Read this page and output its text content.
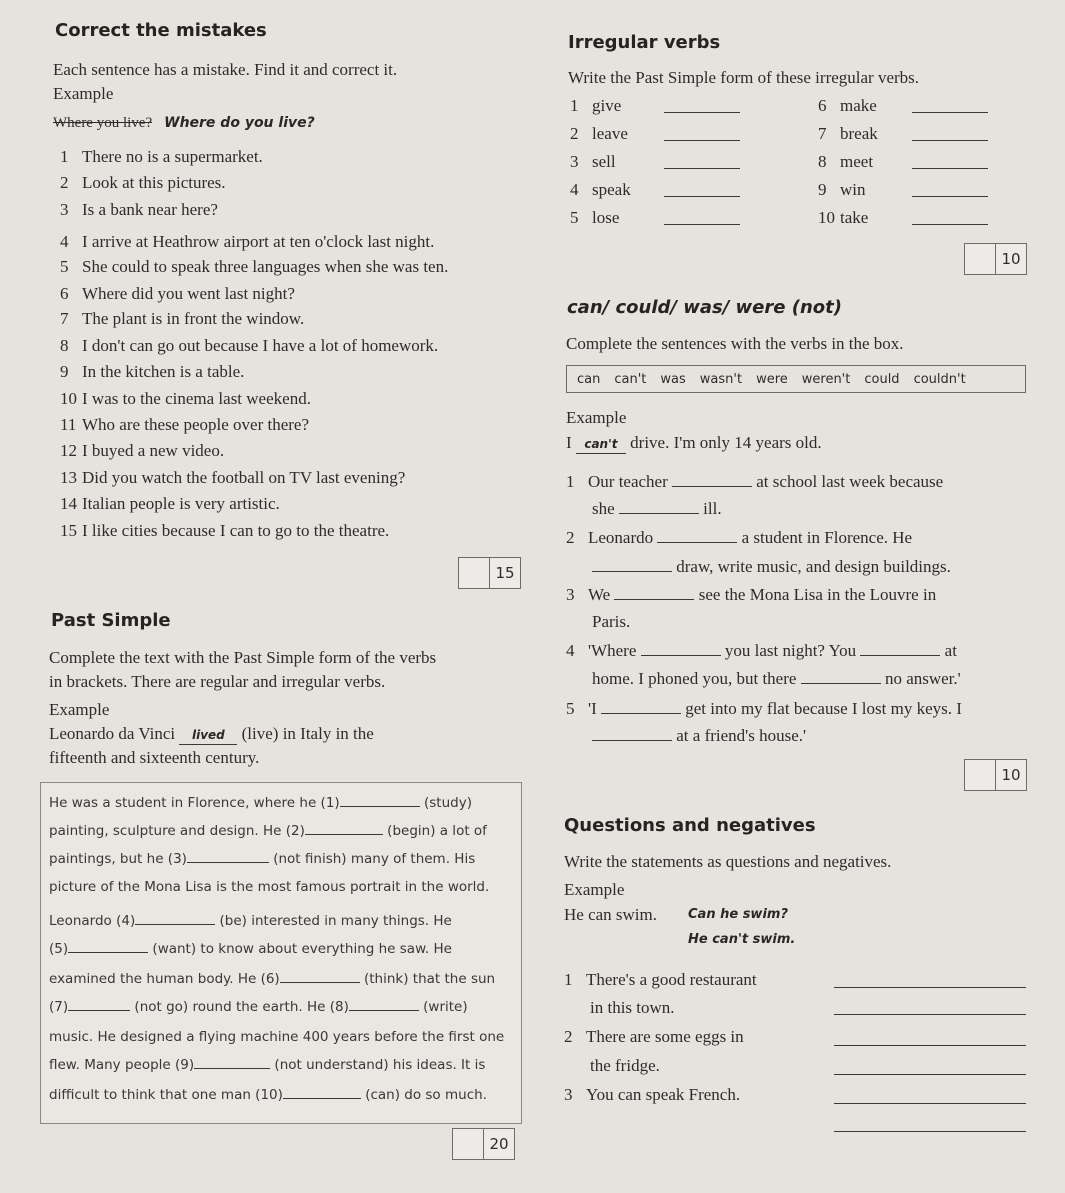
Correct the mistakes
Each sentence has a mistake. Find it and correct it.
Example
Where you live? Where do you live?
1 There no is a supermarket.
2 Look at this pictures.
3 Is a bank near here?
4 I arrive at Heathrow airport at ten o'clock last night.
5 She could to speak three languages when she was ten.
6 Where did you went last night?
7 The plant is in front the window.
8 I don't can go out because I have a lot of homework.
9 In the kitchen is a table.
10 I was to the cinema last weekend.
11 Who are these people over there?
12 I buyed a new video.
13 Did you watch the football on TV last evening?
14 Italian people is very artistic.
15 I like cities because I can to go to the theatre.
15
Past Simple
Complete the text with the Past Simple form of the verbs
in brackets. There are regular and irregular verbs.
Example
Leonardo da Vinci lived (live) in Italy in the
fifteenth and sixteenth century.
He was a student in Florence, where he (1)	(study)
painting, sculpture and design. He (2)	(begin) a lot of
paintings, but he (3)	(not finish) many of them. His
picture of the Mona Lisa is the most famous portrait in the world.
Leonardo (4)	(be) interested in many things. He
(5)	(want) to know about everything he saw. He
examined the human body. He (6)	(think) that the sun
(7)	(not go) round the earth. He (8)	(write)
music. He designed a flying machine 400 years before the first one
flew. Many people (9)	(not understand) his ideas. It is
difficult to think that one man (10)	(can) do so much.
20
Irregular verbs
Write the Past Simple form of these irregular verbs.
1 give
2 leave
3 sell
4 speak
5 lose
6 make
7 break
8 meet
9 win
10 take
10
can/ could/ was/ were (not)
Complete the sentences with the verbs in the box.
can can't was wasn't were weren't could couldn't
Example
I can't drive. I'm only 14 years old.
1 Our teacher	at school last week because
she	ill.
2 Leonardo	a student in Florence. He
draw, write music, and design buildings.
3 We	see the Mona Lisa in the Louvre in
Paris.
4 'Where	you last night? You	at
home. I phoned you, but there	no answer.'
5 'I	get into my flat because I lost my keys. I
at a friend's house.'
10
Questions and negatives
Write the statements as questions and negatives.
Example
He can swim. Can he swim?
He can't swim.
1 There's a good restaurant
in this town.
2 There are some eggs in
the fridge.
3 You can speak French.
